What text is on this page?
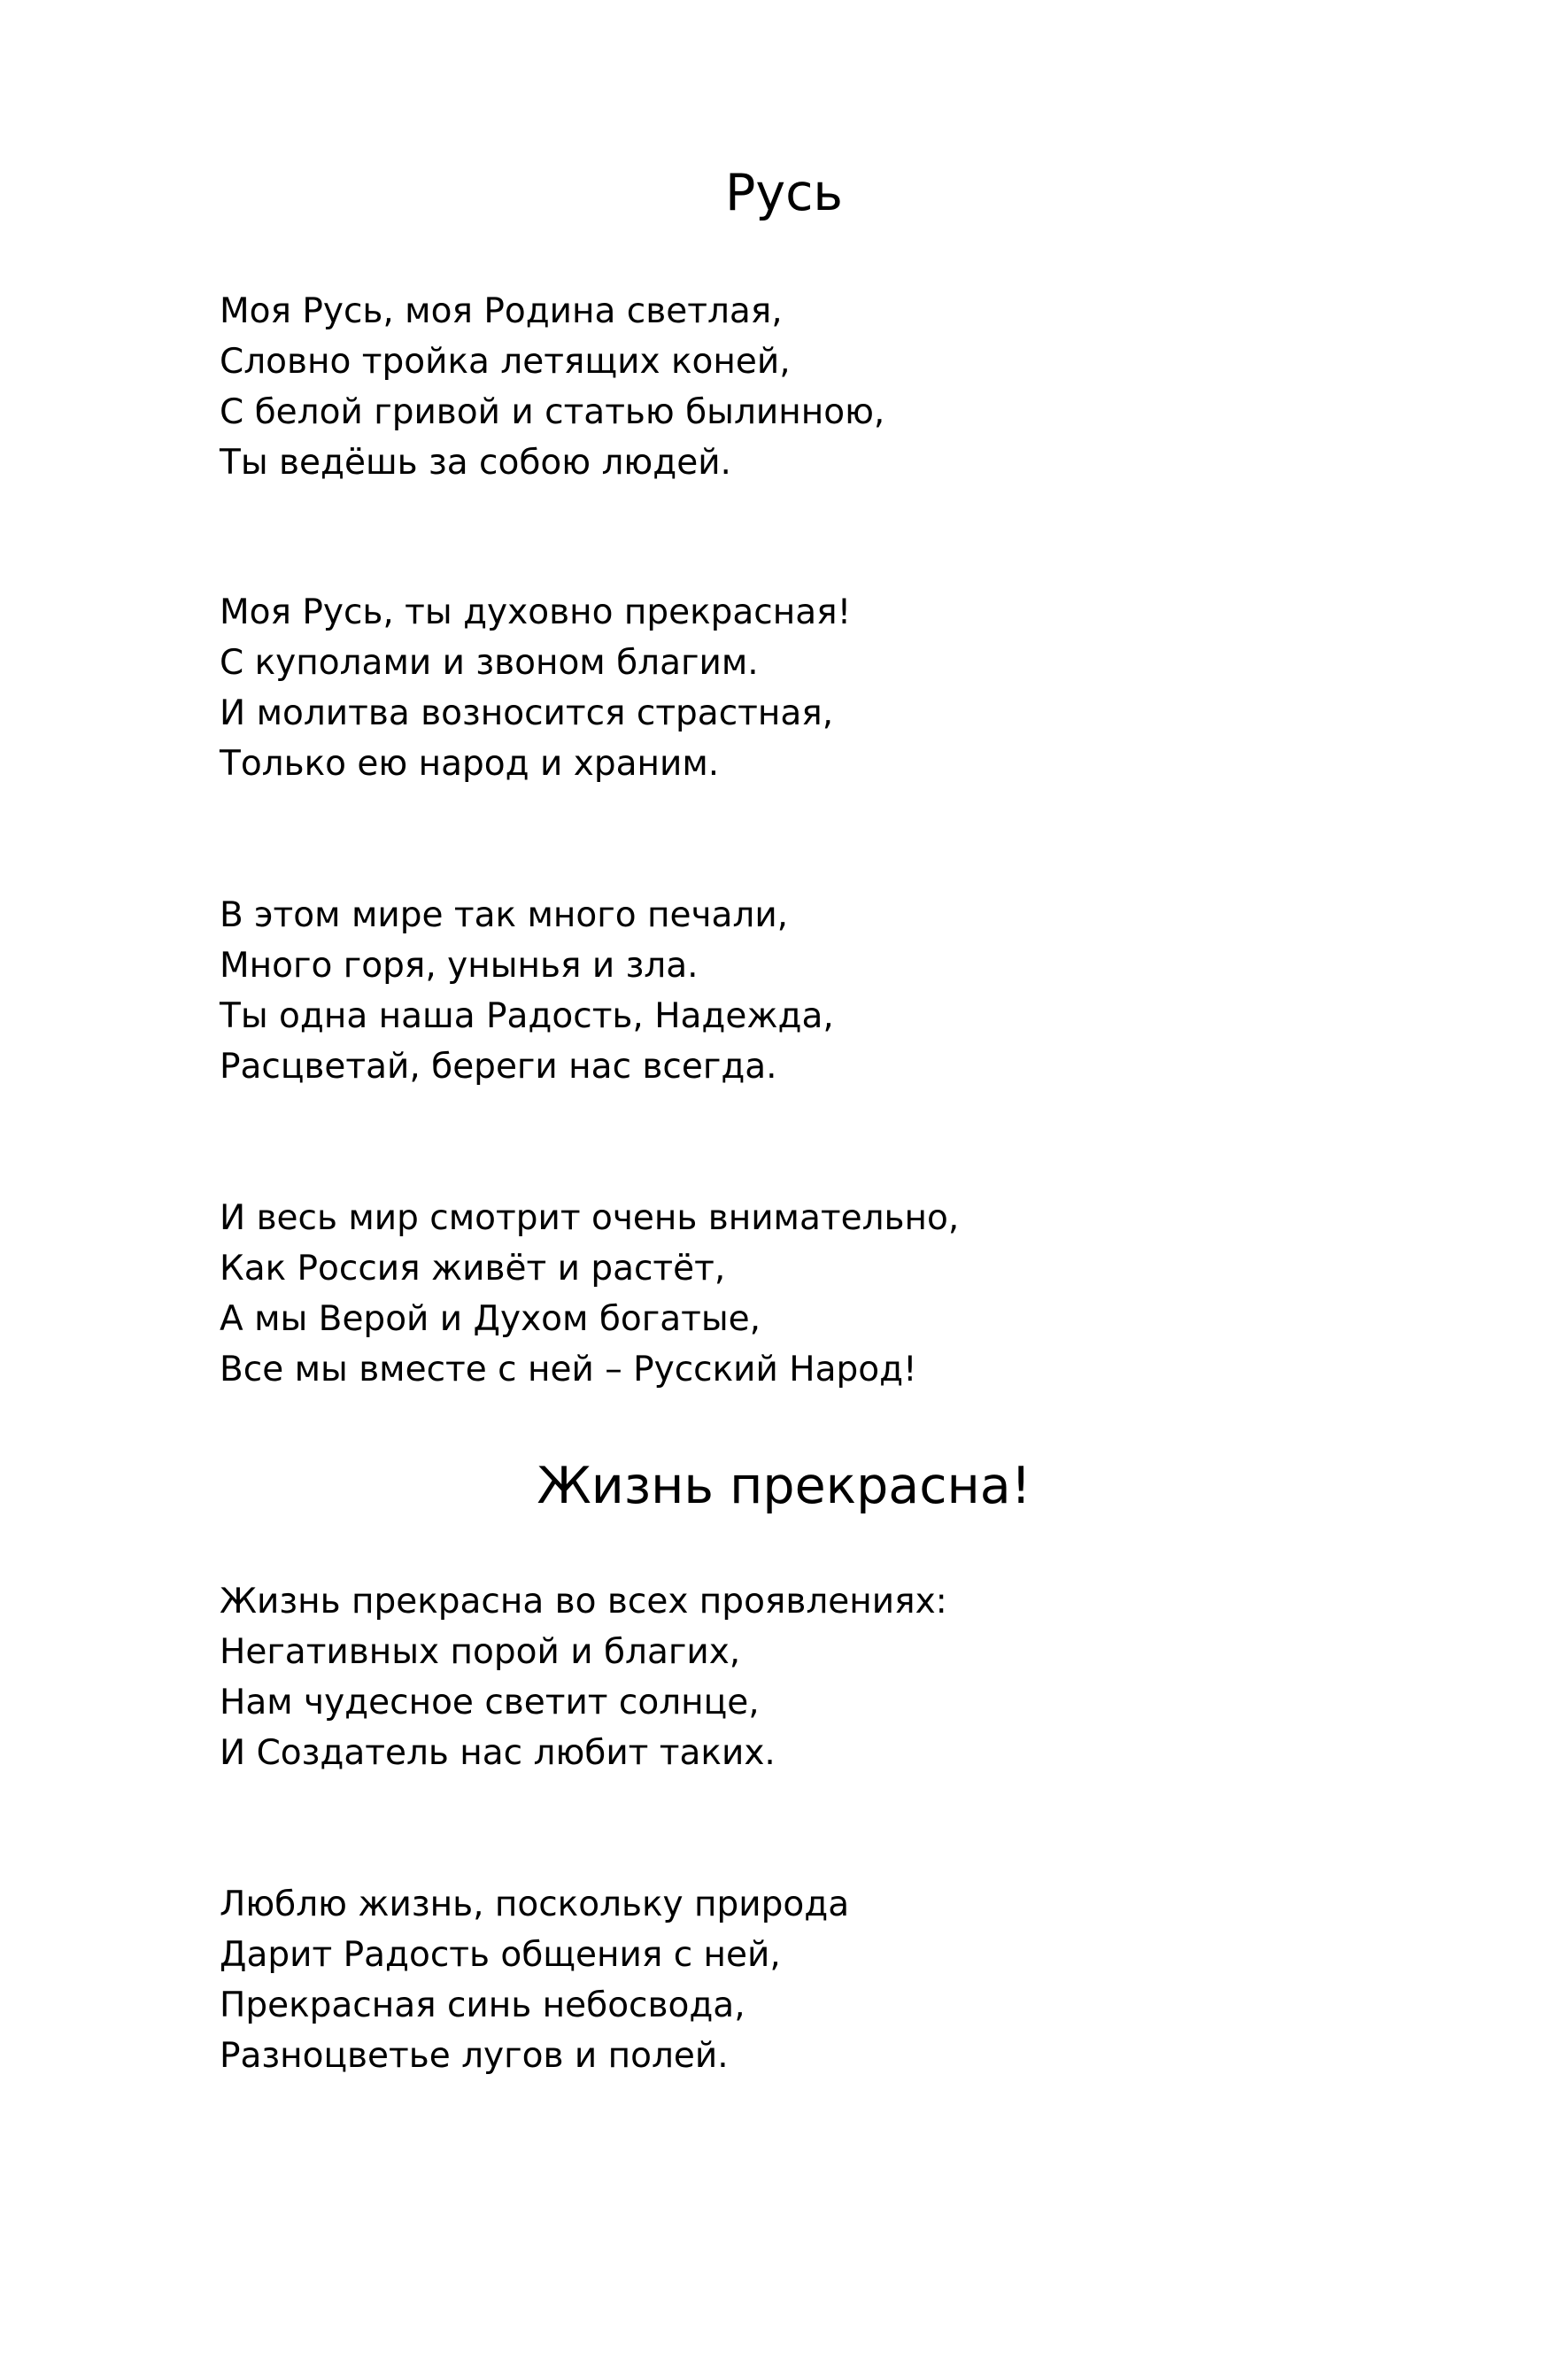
Русь
Моя Русь, моя Родина светлая,
Словно тройка летящих коней,
С белой гривой и статью былинною,
Ты ведёшь за собою людей.
Моя Русь, ты духовно прекрасная!
С куполами и звоном благим.
И молитва возносится страстная,
Только ею народ и храним.
В этом мире так много печали,
Много горя, унынья и зла.
Ты одна наша Радость, Надежда,
Расцветай, береги нас всегда.
И весь мир смотрит очень внимательно,
Как Россия живёт и растёт,
А мы Верой и Духом богатые,
Все мы вместе с ней – Русский Народ!
Жизнь прекрасна!
Жизнь прекрасна во всех проявлениях:
Негативных порой и благих,
Нам чудесное светит солнце,
И Создатель нас любит таких.
Люблю жизнь, поскольку природа
Дарит Радость общения с ней,
Прекрасная синь небосвода,
Разноцветье лугов и полей.
